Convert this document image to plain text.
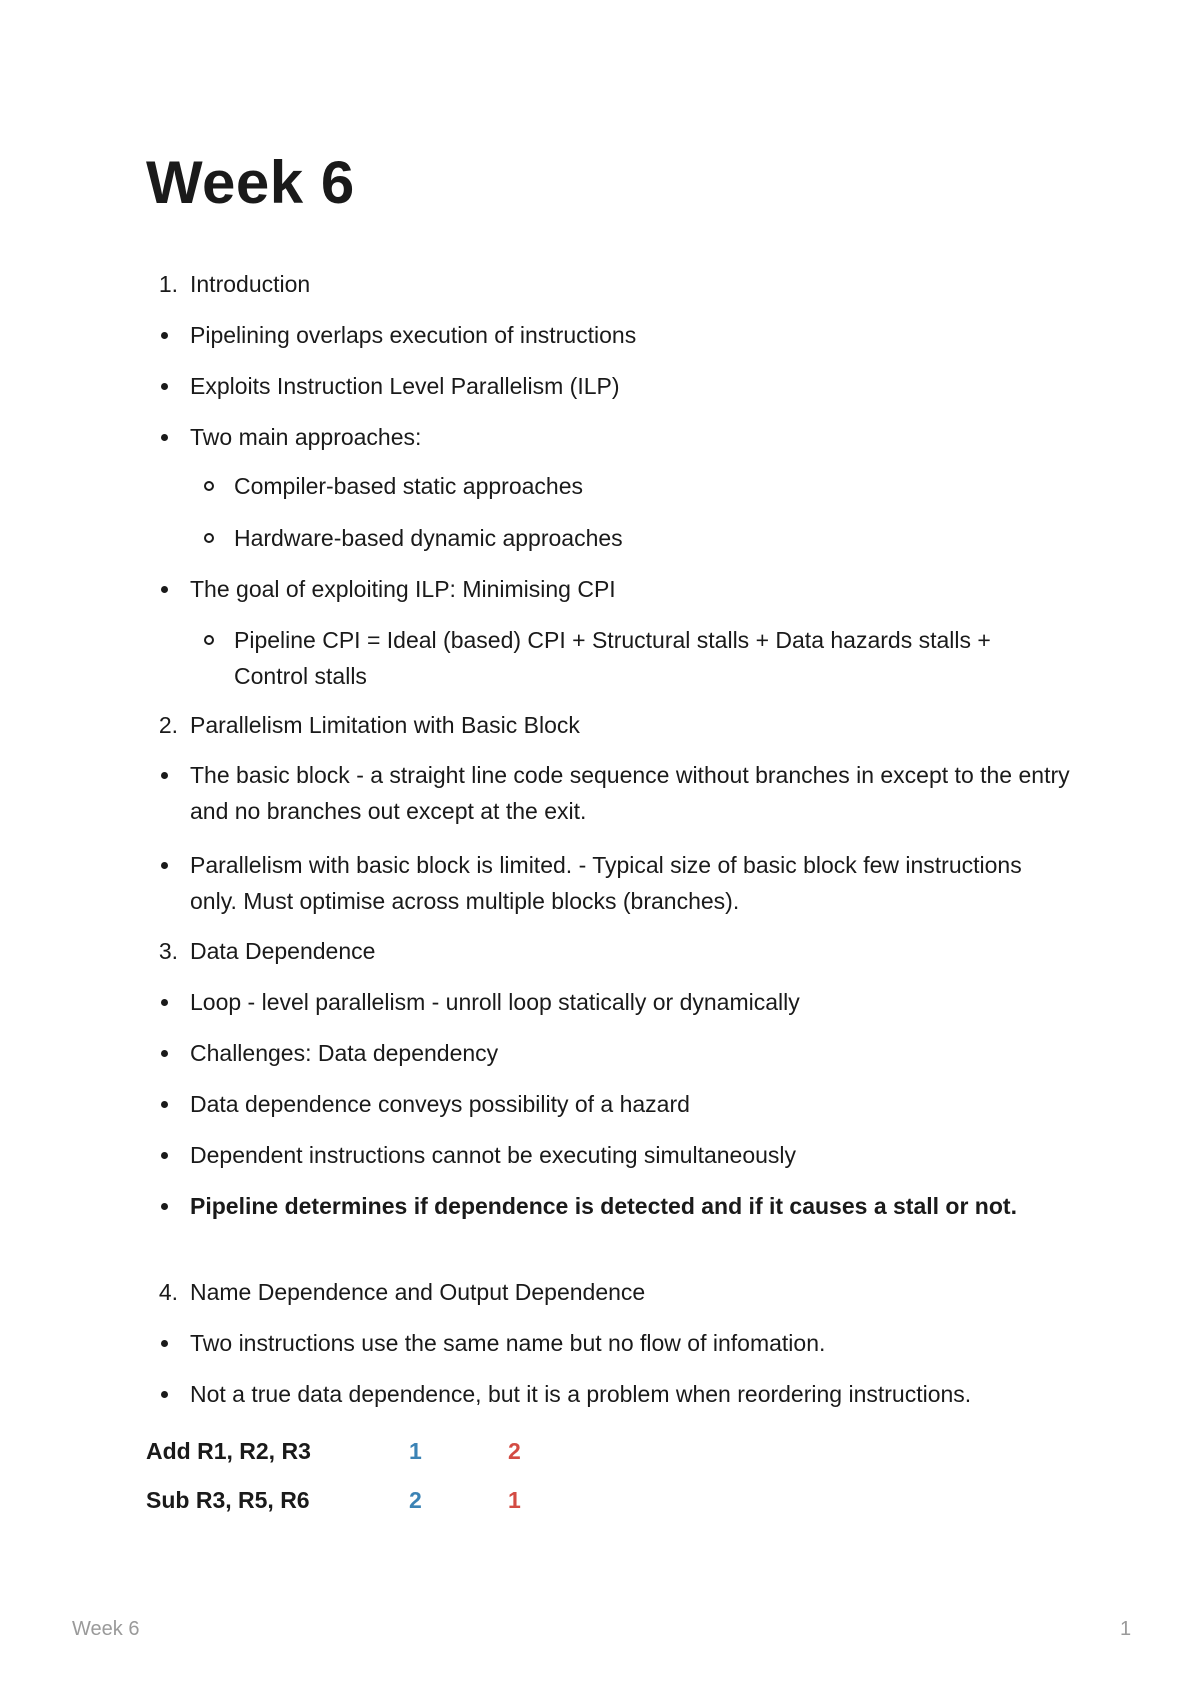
Week 6
1. Introduction
Pipelining overlaps execution of instructions
Exploits Instruction Level Parallelism (ILP)
Two main approaches:
Compiler-based static approaches
Hardware-based dynamic approaches
The goal of exploiting ILP: Minimising CPI
Pipeline CPI = Ideal (based) CPI + Structural stalls + Data hazards stalls + Control stalls
2. Parallelism Limitation with Basic Block
The basic block - a straight line code sequence without branches in except to the entry and no branches out except at the exit.
Parallelism with basic block is limited. - Typical size of basic block few instructions only. Must optimise across multiple blocks (branches).
3. Data Dependence
Loop - level parallelism - unroll loop statically or dynamically
Challenges: Data dependency
Data dependence conveys possibility of a hazard
Dependent instructions cannot be executing simultaneously
Pipeline determines if dependence is detected and if it causes a stall or not.
4. Name Dependence and Output Dependence
Two instructions use the same name but no flow of infomation.
Not a true data dependence, but it is a problem when reordering instructions.
Add R1, R2, R3	1	2
Sub R3, R5, R6	2	1
Week 6	1
